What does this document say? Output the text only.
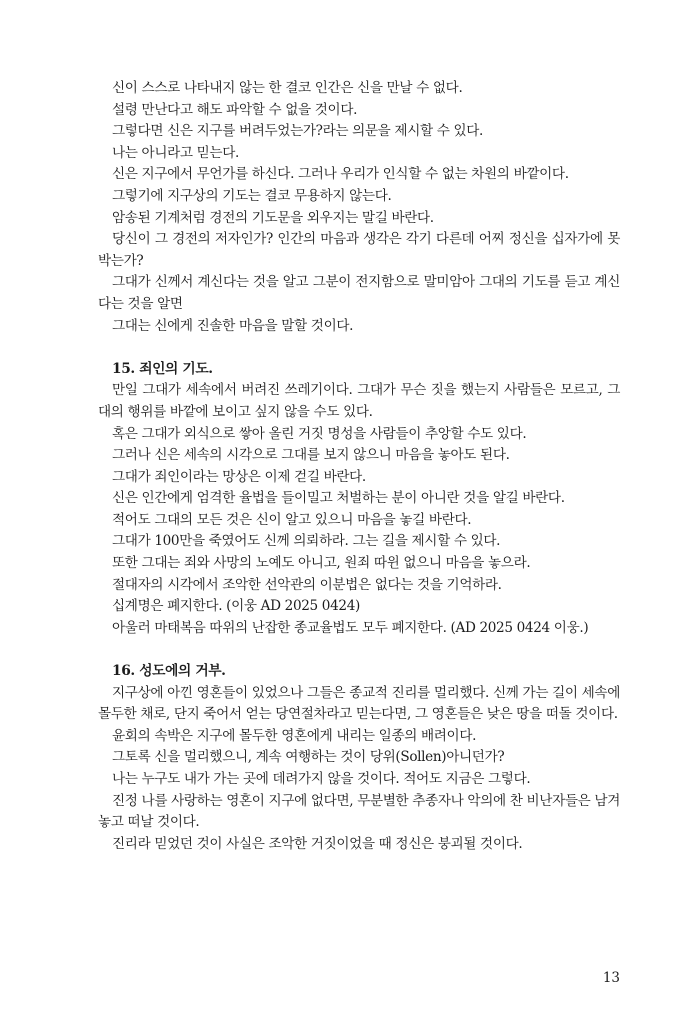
신이 스스로 나타내지 않는 한 결코 인간은 신을 만날 수 없다.

설령 만난다고 해도 파악할 수 없을 것이다.

그렇다면 신은 지구를 버려두었는가?라는 의문을 제시할 수 있다.

나는 아니라고 믿는다.

신은 지구에서 무언가를 하신다. 그러나 우리가 인식할 수 없는 차원의 바깥이다.

그렇기에 지구상의 기도는 결코 무용하지 않는다.

암송된 기계처럼 경전의 기도문을 외우지는 말길 바란다.

당신이 그 경전의 저자인가? 인간의 마음과 생각은 각기 다른데 어찌 정신을 십자가에 못 박는가?

그대가 신께서 계신다는 것을 알고 그분이 전지함으로 말미암아 그대의 기도를 듣고 계신다는 것을 알면

그대는 신에게 진솔한 마음을 말할 것이다.

15. 죄인의 기도.

만일 그대가 세속에서 버려진 쓰레기이다. 그대가 무슨 짓을 했는지 사람들은 모르고, 그대의 행위를 바깥에 보이고 싶지 않을 수도 있다.

혹은 그대가 외식으로 쌓아 올린 거짓 명성을 사람들이 추앙할 수도 있다.

그러나 신은 세속의 시각으로 그대를 보지 않으니 마음을 놓아도 된다.

그대가 죄인이라는 망상은 이제 걷길 바란다.

신은 인간에게 엄격한 율법을 들이밀고 처벌하는 분이 아니란 것을 알길 바란다.

적어도 그대의 모든 것은 신이 알고 있으니 마음을 놓길 바란다.

그대가 100만을 죽였어도 신께 의뢰하라. 그는 길을 제시할 수 있다.

또한 그대는 죄와 사망의 노예도 아니고, 원죄 따윈 없으니 마음을 놓으라.

절대자의 시각에서 조악한 선악관의 이분법은 없다는 것을 기억하라.

십계명은 폐지한다. (이웅 AD 2025 0424)

아울러 마태복음 따위의 난잡한 종교율법도 모두 폐지한다. (AD 2025 0424 이웅.)

16. 성도에의 거부.

지구상에 아낀 영혼들이 있었으나 그들은 종교적 진리를 멀리했다. 신께 가는 길이 세속에 몰두한 채로, 단지 죽어서 얻는 당연절차라고 믿는다면, 그 영혼들은 낮은 땅을 떠돌 것이다.

윤회의 속박은 지구에 몰두한 영혼에게 내리는 일종의 배려이다.

그토록 신을 멀리했으니, 계속 여행하는 것이 당위(Sollen)아니던가?

나는 누구도 내가 가는 곳에 데려가지 않을 것이다. 적어도 지금은 그렇다.

진정 나를 사랑하는 영혼이 지구에 없다면, 무분별한 추종자나 악의에 찬 비난자들은 남겨놓고 떠날 것이다.

진리라 믿었던 것이 사실은 조악한 거짓이었을 때 정신은 붕괴될 것이다.

13
